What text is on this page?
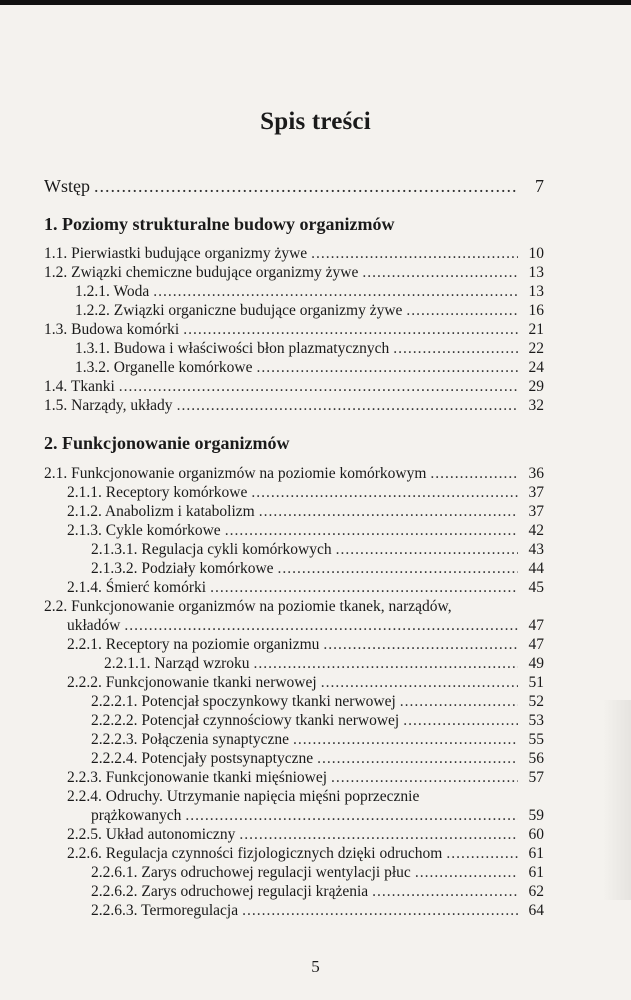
Spis treści
Wstęp .....	7
1. Poziomy strukturalne budowy organizmów
1.1. Pierwiastki budujące organizmy żywe .....	10
1.2. Związki chemiczne budujące organizmy żywe .....	13
1.2.1. Woda .....	13
1.2.2. Związki organiczne budujące organizmy żywe .....	16
1.3. Budowa komórki .....	21
1.3.1. Budowa i właściwości błon plazmatycznych .....	22
1.3.2. Organelle komórkowe .....	24
1.4. Tkanki .....	29
1.5. Narządy, układy .....	32
2. Funkcjonowanie organizmów
2.1. Funkcjonowanie organizmów na poziomie komórkowym .....	36
2.1.1. Receptory komórkowe .....	37
2.1.2. Anabolizm i katabolizm .....	37
2.1.3. Cykle komórkowe .....	42
2.1.3.1. Regulacja cykli komórkowych .....	43
2.1.3.2. Podziały komórkowe .....	44
2.1.4. Śmierć komórki .....	45
2.2. Funkcjonowanie organizmów na poziomie tkanek, narządów,
układów .....	47
2.2.1. Receptory na poziomie organizmu .....	47
2.2.1.1. Narząd wzroku .....	49
2.2.2. Funkcjonowanie tkanki nerwowej .....	51
2.2.2.1. Potencjał spoczynkowy tkanki nerwowej .....	52
2.2.2.2. Potencjał czynnościowy tkanki nerwowej .....	53
2.2.2.3. Połączenia synaptyczne .....	55
2.2.2.4. Potencjały postsynaptyczne .....	56
2.2.3. Funkcjonowanie tkanki mięśniowej .....	57
2.2.4. Odruchy. Utrzymanie napięcia mięśni poprzecznie
prążkowanych .....	59
2.2.5. Układ autonomiczny .....	60
2.2.6. Regulacja czynności fizjologicznych dzięki odruchom .....	61
2.2.6.1. Zarys odruchowej regulacji wentylacji płuc .....	61
2.2.6.2. Zarys odruchowej regulacji krążenia .....	62
2.2.6.3. Termoregulacja .....	64
5
